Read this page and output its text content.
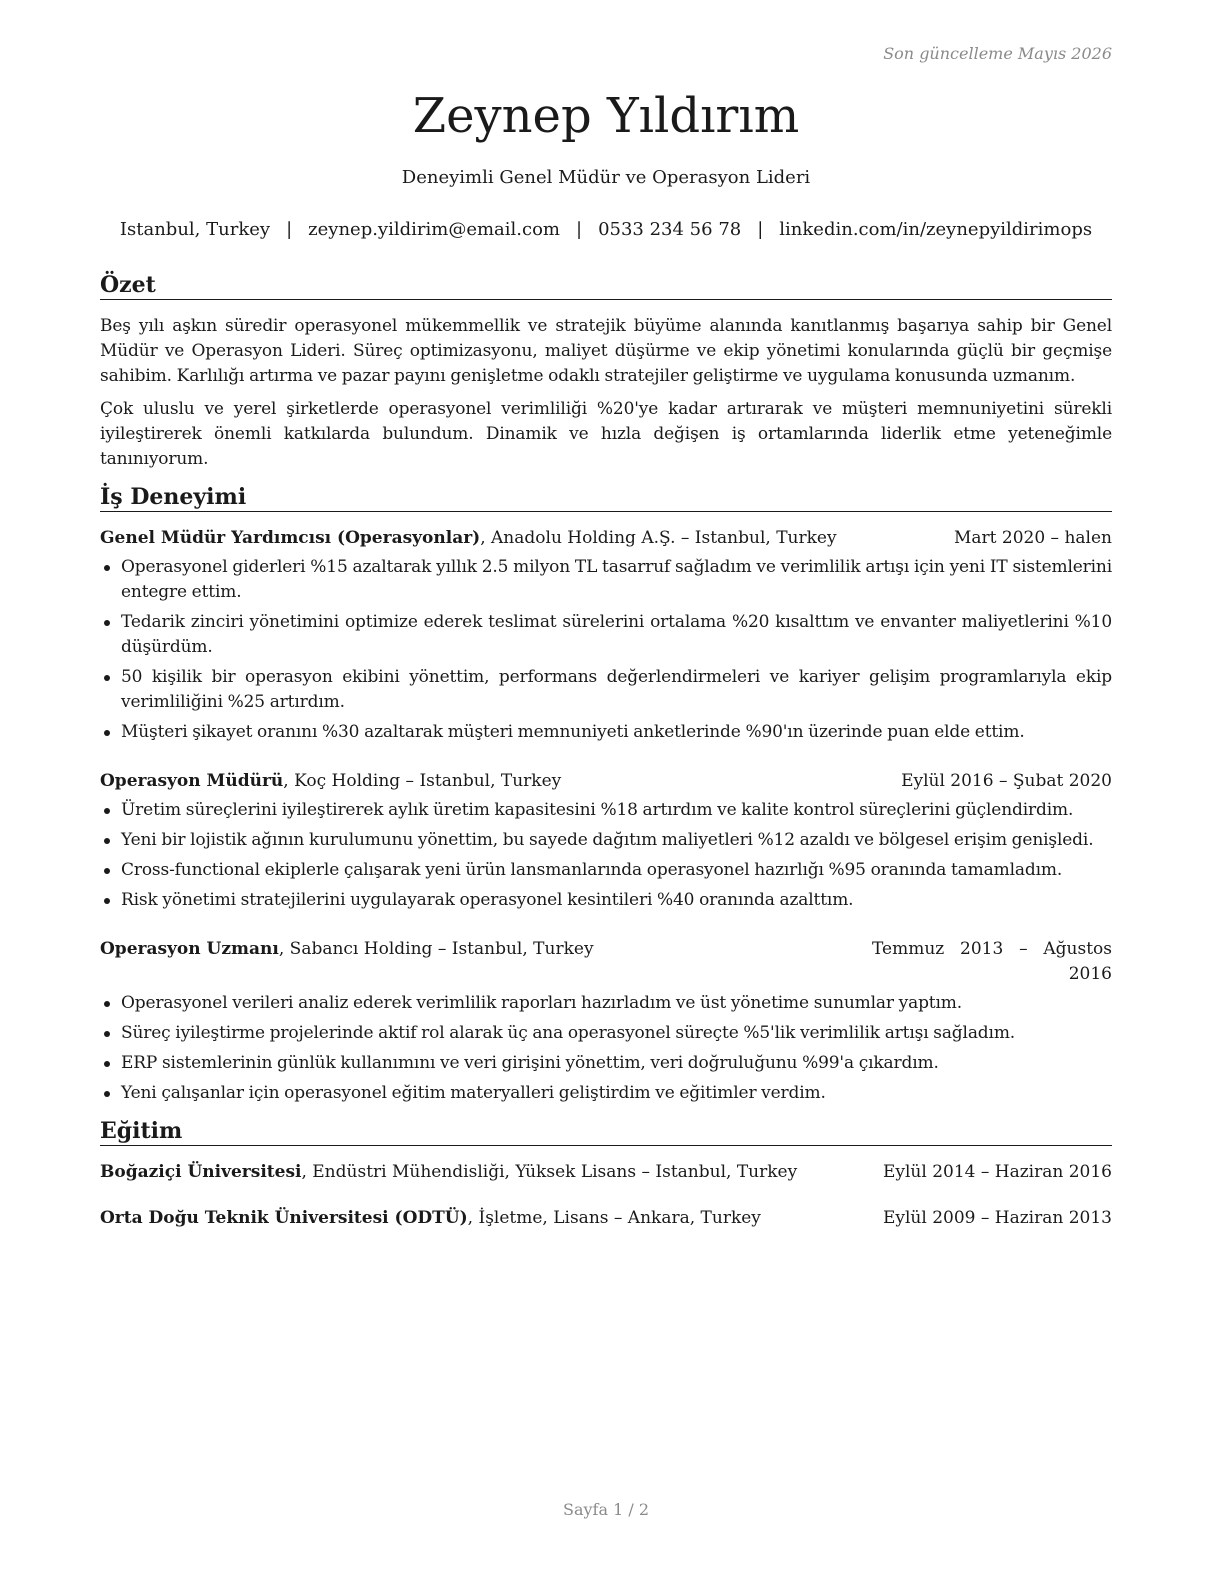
Son güncelleme Mayıs 2026
Zeynep Yıldırım
Deneyimli Genel Müdür ve Operasyon Lideri
Istanbul, Turkey | zeynep.yildirim@email.com | 0533 234 56 78 | linkedin.com/in/zeynepyildirimops
Özet

Beş yılı aşkın süredir operasyonel mükemmellik ve stratejik büyüme alanında kanıtlanmış başarıya sahip bir Genel Müdür ve Operasyon Lideri. Süreç optimizasyonu, maliyet düşürme ve ekip yönetimi konularında güçlü bir geçmişe sahibim. Karlılığı artırma ve pazar payını genişletme odaklı stratejiler geliştirme ve uygulama konusunda uzmanım.

Çok uluslu ve yerel şirketlerde operasyonel verimliliği %20'ye kadar artırarak ve müşteri memnuniyetini sürekli iyileştirerek önemli katkılarda bulundum. Dinamik ve hızla değişen iş ortamlarında liderlik etme yeteneğimle tanınıyorum.

İş Deneyimi
Genel Müdür Yardımcısı (Operasyonlar), Anadolu Holding A.Ş. – Istanbul, Turkey	Mart 2020 – halen
Operasyonel giderleri %15 azaltarak yıllık 2.5 milyon TL tasarruf sağladım ve verimlilik artışı için yeni IT sistemlerini entegre ettim.
Tedarik zinciri yönetimini optimize ederek teslimat sürelerini ortalama %20 kısalttım ve envanter maliyetlerini %10 düşürdüm.
50 kişilik bir operasyon ekibini yönettim, performans değerlendirmeleri ve kariyer gelişim programlarıyla ekip verimliliğini %25 artırdım.
Müşteri şikayet oranını %30 azaltarak müşteri memnuniyeti anketlerinde %90'ın üzerinde puan elde ettim.
Operasyon Müdürü, Koç Holding – Istanbul, Turkey	Eylül 2016 – Şubat 2020
Üretim süreçlerini iyileştirerek aylık üretim kapasitesini %18 artırdım ve kalite kontrol süreçlerini güçlendirdim.
Yeni bir lojistik ağının kurulumunu yönettim, bu sayede dağıtım maliyetleri %12 azaldı ve bölgesel erişim genişledi.
Cross-functional ekiplerle çalışarak yeni ürün lansmanlarında operasyonel hazırlığı %95 oranında tamamladım.
Risk yönetimi stratejilerini uygulayarak operasyonel kesintileri %40 oranında azalttım.
Operasyon Uzmanı, Sabancı Holding – Istanbul, Turkey	Temmuz 2013 – Ağustos 2016
Operasyonel verileri analiz ederek verimlilik raporları hazırladım ve üst yönetime sunumlar yaptım.
Süreç iyileştirme projelerinde aktif rol alarak üç ana operasyonel süreçte %5'lik verimlilik artışı sağladım.
ERP sistemlerinin günlük kullanımını ve veri girişini yönettim, veri doğruluğunu %99'a çıkardım.
Yeni çalışanlar için operasyonel eğitim materyalleri geliştirdim ve eğitimler verdim.
Eğitim
Boğaziçi Üniversitesi, Endüstri Mühendisliği, Yüksek Lisans – Istanbul, Turkey	Eylül 2014 – Haziran 2016
Orta Doğu Teknik Üniversitesi (ODTÜ), İşletme, Lisans – Ankara, Turkey	Eylül 2009 – Haziran 2013
Sayfa 1 / 2
